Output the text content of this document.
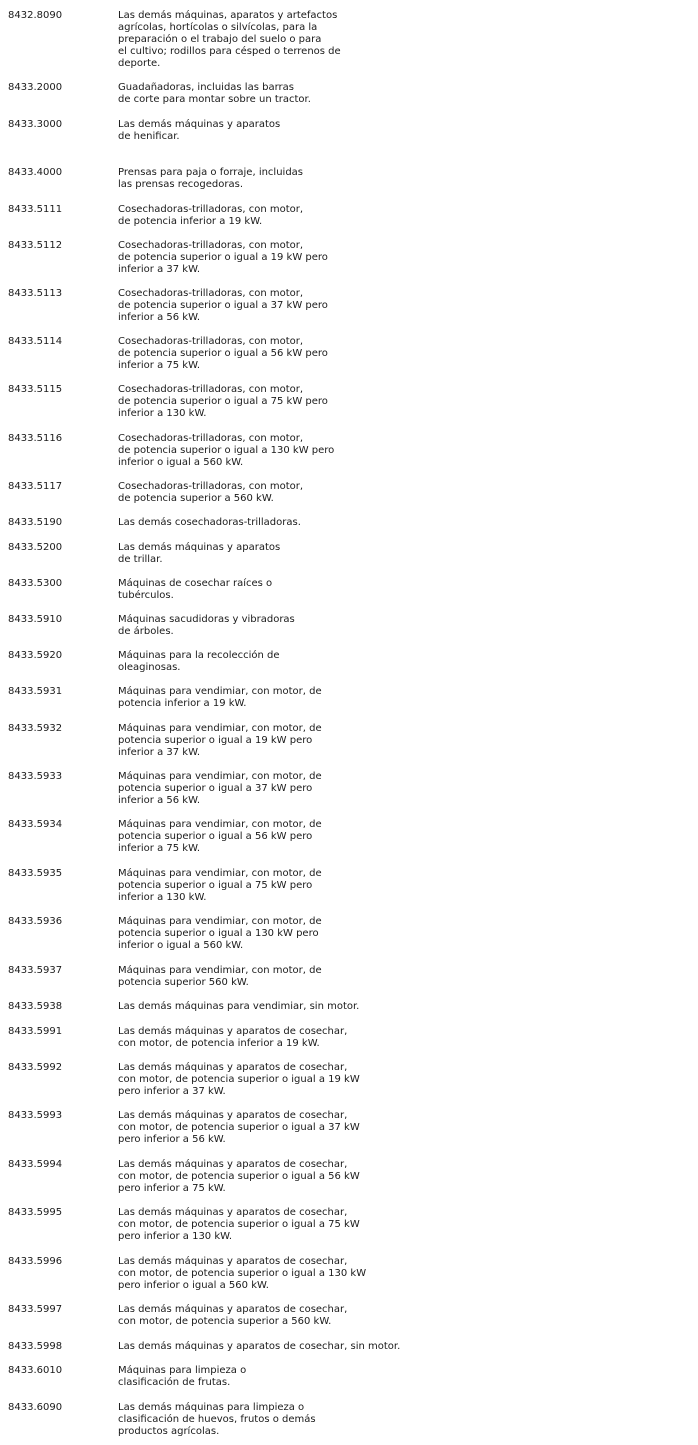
8432.8090	Las demás máquinas, aparatos y artefactos
agrícolas, hortícolas o silvícolas, para la
preparación o el trabajo del suelo o para
el cultivo; rodillos para césped o terrenos de
deporte.
8433.2000	Guadañadoras, incluidas las barras
de corte para montar sobre un tractor.
8433.3000	Las demás máquinas y aparatos
de henificar.
8433.4000	Prensas para paja o forraje, incluidas
las prensas recogedoras.
8433.5111	Cosechadoras-trilladoras, con motor,
de potencia inferior a 19 kW.
8433.5112	Cosechadoras-trilladoras, con motor,
de potencia superior o igual a 19 kW pero
inferior a 37 kW.
8433.5113	Cosechadoras-trilladoras, con motor,
de potencia superior o igual a 37 kW pero
inferior a 56 kW.
8433.5114	Cosechadoras-trilladoras, con motor,
de potencia superior o igual a 56 kW pero
inferior a 75 kW.
8433.5115	Cosechadoras-trilladoras, con motor,
de potencia superior o igual a 75 kW pero
inferior a 130 kW.
8433.5116	Cosechadoras-trilladoras, con motor,
de potencia superior o igual a 130 kW pero
inferior o igual a 560 kW.
8433.5117	Cosechadoras-trilladoras, con motor,
de potencia superior a 560 kW.
8433.5190	Las demás cosechadoras-trilladoras.
8433.5200	Las demás máquinas y aparatos
de trillar.
8433.5300	Máquinas de cosechar raíces o
tubérculos.
8433.5910	Máquinas sacudidoras y vibradoras
de árboles.
8433.5920	Máquinas para la recolección de
oleaginosas.
8433.5931	Máquinas para vendimiar, con motor, de
potencia inferior a 19 kW.
8433.5932	Máquinas para vendimiar, con motor, de
potencia superior o igual a 19 kW pero
inferior a 37 kW.
8433.5933	Máquinas para vendimiar, con motor, de
potencia superior o igual a 37 kW pero
inferior a 56 kW.
8433.5934	Máquinas para vendimiar, con motor, de
potencia superior o igual a 56 kW pero
inferior a 75 kW.
8433.5935	Máquinas para vendimiar, con motor, de
potencia superior o igual a 75 kW pero
inferior a 130 kW.
8433.5936	Máquinas para vendimiar, con motor, de
potencia superior o igual a 130 kW pero
inferior o igual a 560 kW.
8433.5937	Máquinas para vendimiar, con motor, de
potencia superior 560 kW.
8433.5938	Las demás máquinas para vendimiar, sin motor.
8433.5991	Las demás máquinas y aparatos de cosechar,
con motor, de potencia inferior a 19 kW.
8433.5992	Las demás máquinas y aparatos de cosechar,
con motor, de potencia superior o igual a 19 kW
pero inferior a 37 kW.
8433.5993	Las demás máquinas y aparatos de cosechar,
con motor, de potencia superior o igual a 37 kW
pero inferior a 56 kW.
8433.5994	Las demás máquinas y aparatos de cosechar,
con motor, de potencia superior o igual a 56 kW
pero inferior a 75 kW.
8433.5995	Las demás máquinas y aparatos de cosechar,
con motor, de potencia superior o igual a 75 kW
pero inferior a 130 kW.
8433.5996	Las demás máquinas y aparatos de cosechar,
con motor, de potencia superior o igual a 130 kW
pero inferior o igual a 560 kW.
8433.5997	Las demás máquinas y aparatos de cosechar,
con motor, de potencia superior a 560 kW.
8433.5998	Las demás máquinas y aparatos de cosechar, sin motor.
8433.6010	Máquinas para limpieza o
clasificación de frutas.
8433.6090	Las demás máquinas para limpieza o
clasificación de huevos, frutos o demás
productos agrícolas.
